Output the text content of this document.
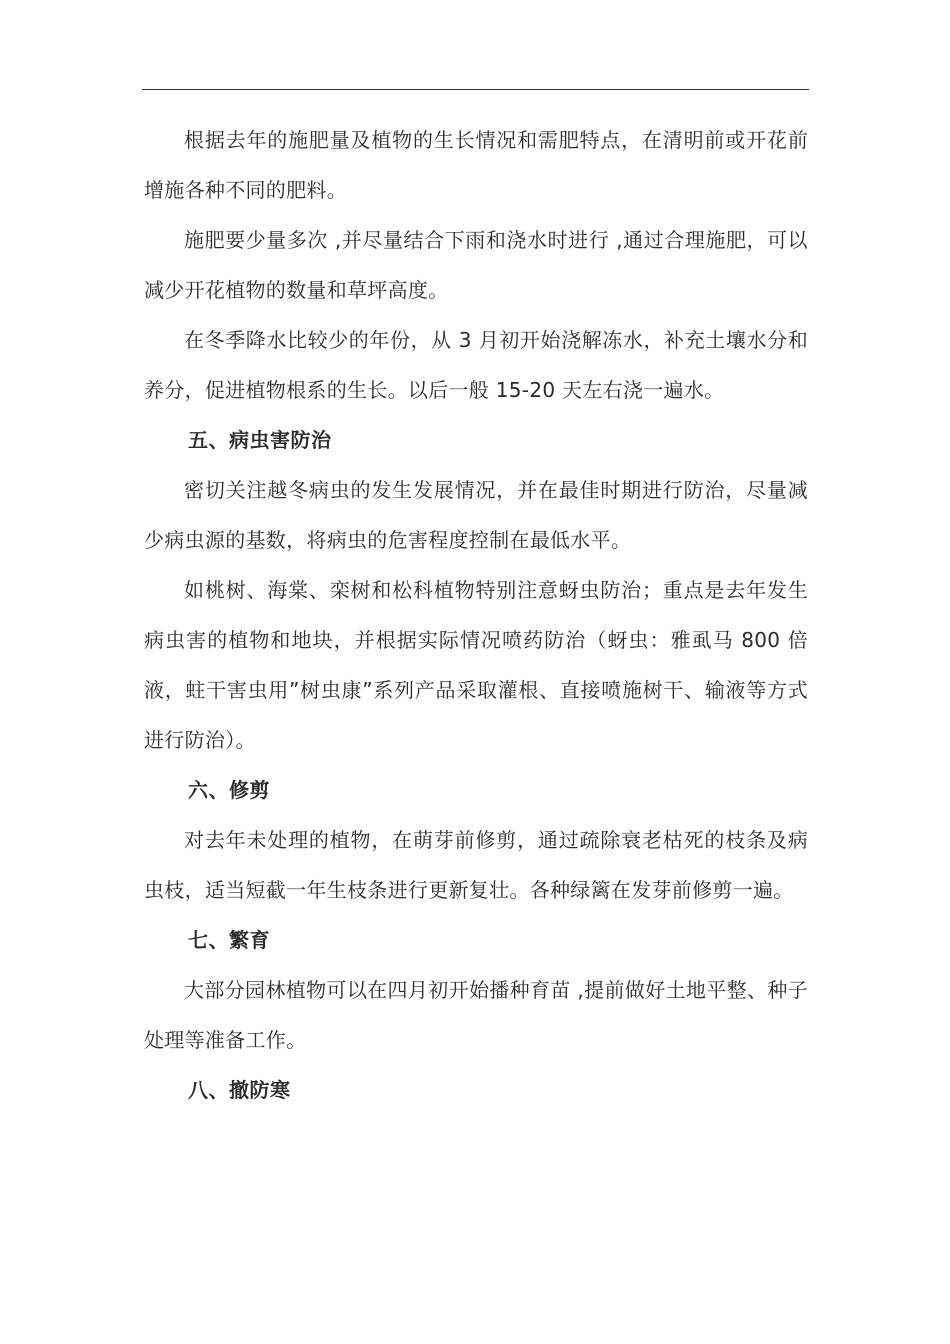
根据去年的施肥量及植物的生长情况和需肥特点，在清明前或开花前增施各种不同的肥料。

施肥要少量多次 ,并尽量结合下雨和浇水时进行 ,通过合理施肥，可以减少开花植物的数量和草坪高度。

在冬季降水比较少的年份，从 3 月初开始浇解冻水，补充土壤水分和养分，促进植物根系的生长。以后一般 15-20 天左右浇一遍水。

五、病虫害防治

密切关注越冬病虫的发生发展情况，并在最佳时期进行防治，尽量减少病虫源的基数，将病虫的危害程度控制在最低水平。

如桃树、海棠、栾树和松科植物特别注意蚜虫防治；重点是去年发生病虫害的植物和地块，并根据实际情况喷药防治（蚜虫：雅虱马 800 倍液，蛀干害虫用”树虫康”系列产品采取灌根、直接喷施树干、输液等方式进行防治）。

六、修剪

对去年未处理的植物，在萌芽前修剪，通过疏除衰老枯死的枝条及病虫枝，适当短截一年生枝条进行更新复壮。各种绿篱在发芽前修剪一遍。

七、繁育

大部分园林植物可以在四月初开始播种育苗 ,提前做好土地平整、种子处理等准备工作。

八、撤防寒
